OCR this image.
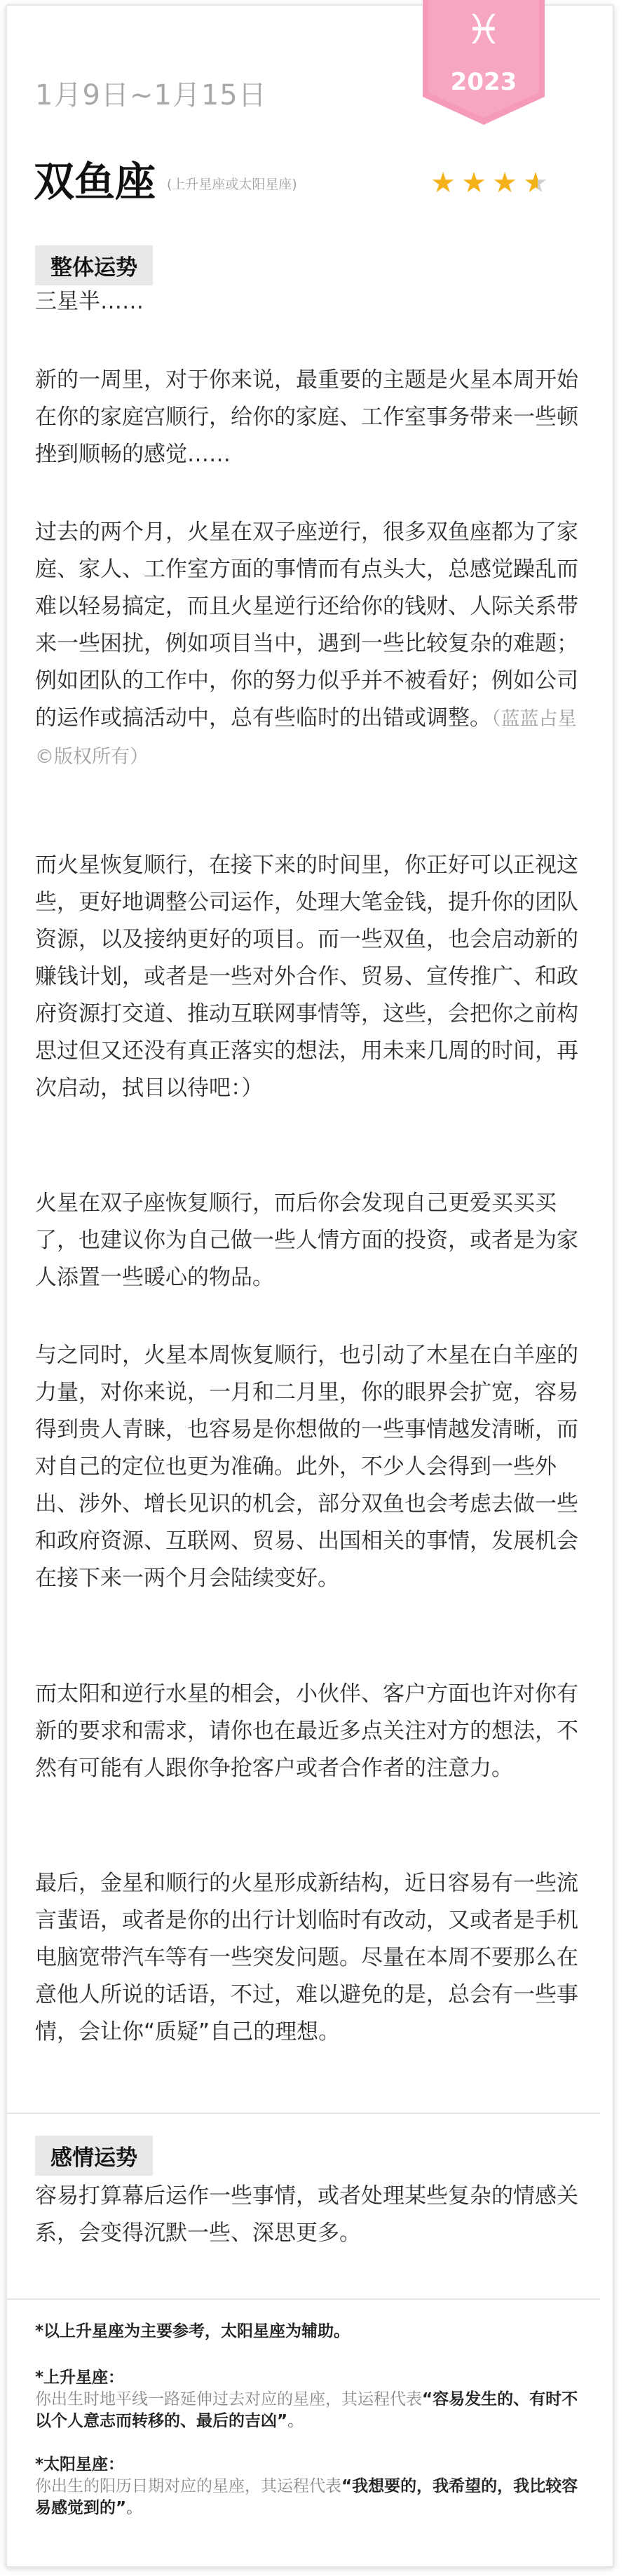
1月9日~1月15日
♓
2023
双鱼座 (上升星座或太阳星座)	★ ★ ★ ★
整体运势

三星半……

新的一周里，对于你来说，最重要的主题是火星本周开始在你的家庭宫顺行，给你的家庭、工作室事务带来一些顿挫到顺畅的感觉……

过去的两个月，火星在双子座逆行，很多双鱼座都为了家庭、家人、工作室方面的事情而有点头大，总感觉躁乱而难以轻易搞定，而且火星逆行还给你的钱财、人际关系带来一些困扰，例如项目当中，遇到一些比较复杂的难题；例如团队的工作中，你的努力似乎并不被看好；例如公司的运作或搞活动中，总有些临时的出错或调整。（蓝蓝占星©版权所有）

而火星恢复顺行，在接下来的时间里，你正好可以正视这些，更好地调整公司运作，处理大笔金钱，提升你的团队资源，以及接纳更好的项目。而一些双鱼，也会启动新的赚钱计划，或者是一些对外合作、贸易、宣传推广、和政府资源打交道、推动互联网事情等，这些，会把你之前构思过但又还没有真正落实的想法，用未来几周的时间，再次启动，拭目以待吧：）

火星在双子座恢复顺行，而后你会发现自己更爱买买买了，也建议你为自己做一些人情方面的投资，或者是为家人添置一些暖心的物品。

与之同时，火星本周恢复顺行，也引动了木星在白羊座的力量，对你来说，一月和二月里，你的眼界会扩宽，容易得到贵人青睐，也容易是你想做的一些事情越发清晰，而对自己的定位也更为准确。此外，不少人会得到一些外出、涉外、增长见识的机会，部分双鱼也会考虑去做一些和政府资源、互联网、贸易、出国相关的事情，发展机会在接下来一两个月会陆续变好。

而太阳和逆行水星的相会，小伙伴、客户方面也许对你有新的要求和需求，请你也在最近多点关注对方的想法，不然有可能有人跟你争抢客户或者合作者的注意力。

最后，金星和顺行的火星形成新结构，近日容易有一些流言蜚语，或者是你的出行计划临时有改动，又或者是手机电脑宽带汽车等有一些突发问题。尽量在本周不要那么在意他人所说的话语，不过，难以避免的是，总会有一些事情，会让你“质疑”自己的理想。

感情运势

容易打算幕后运作一些事情，或者处理某些复杂的情感关系，会变得沉默一些、深思更多。

*以上升星座为主要参考，太阳星座为辅助。
*上升星座：
你出生时地平线一路延伸过去对应的星座，其运程代表“容易发生的、有时不以个人意志而转移的、最后的吉凶”。
*太阳星座：
你出生的阳历日期对应的星座，其运程代表“我想要的，我希望的，我比较容易感觉到的”。
